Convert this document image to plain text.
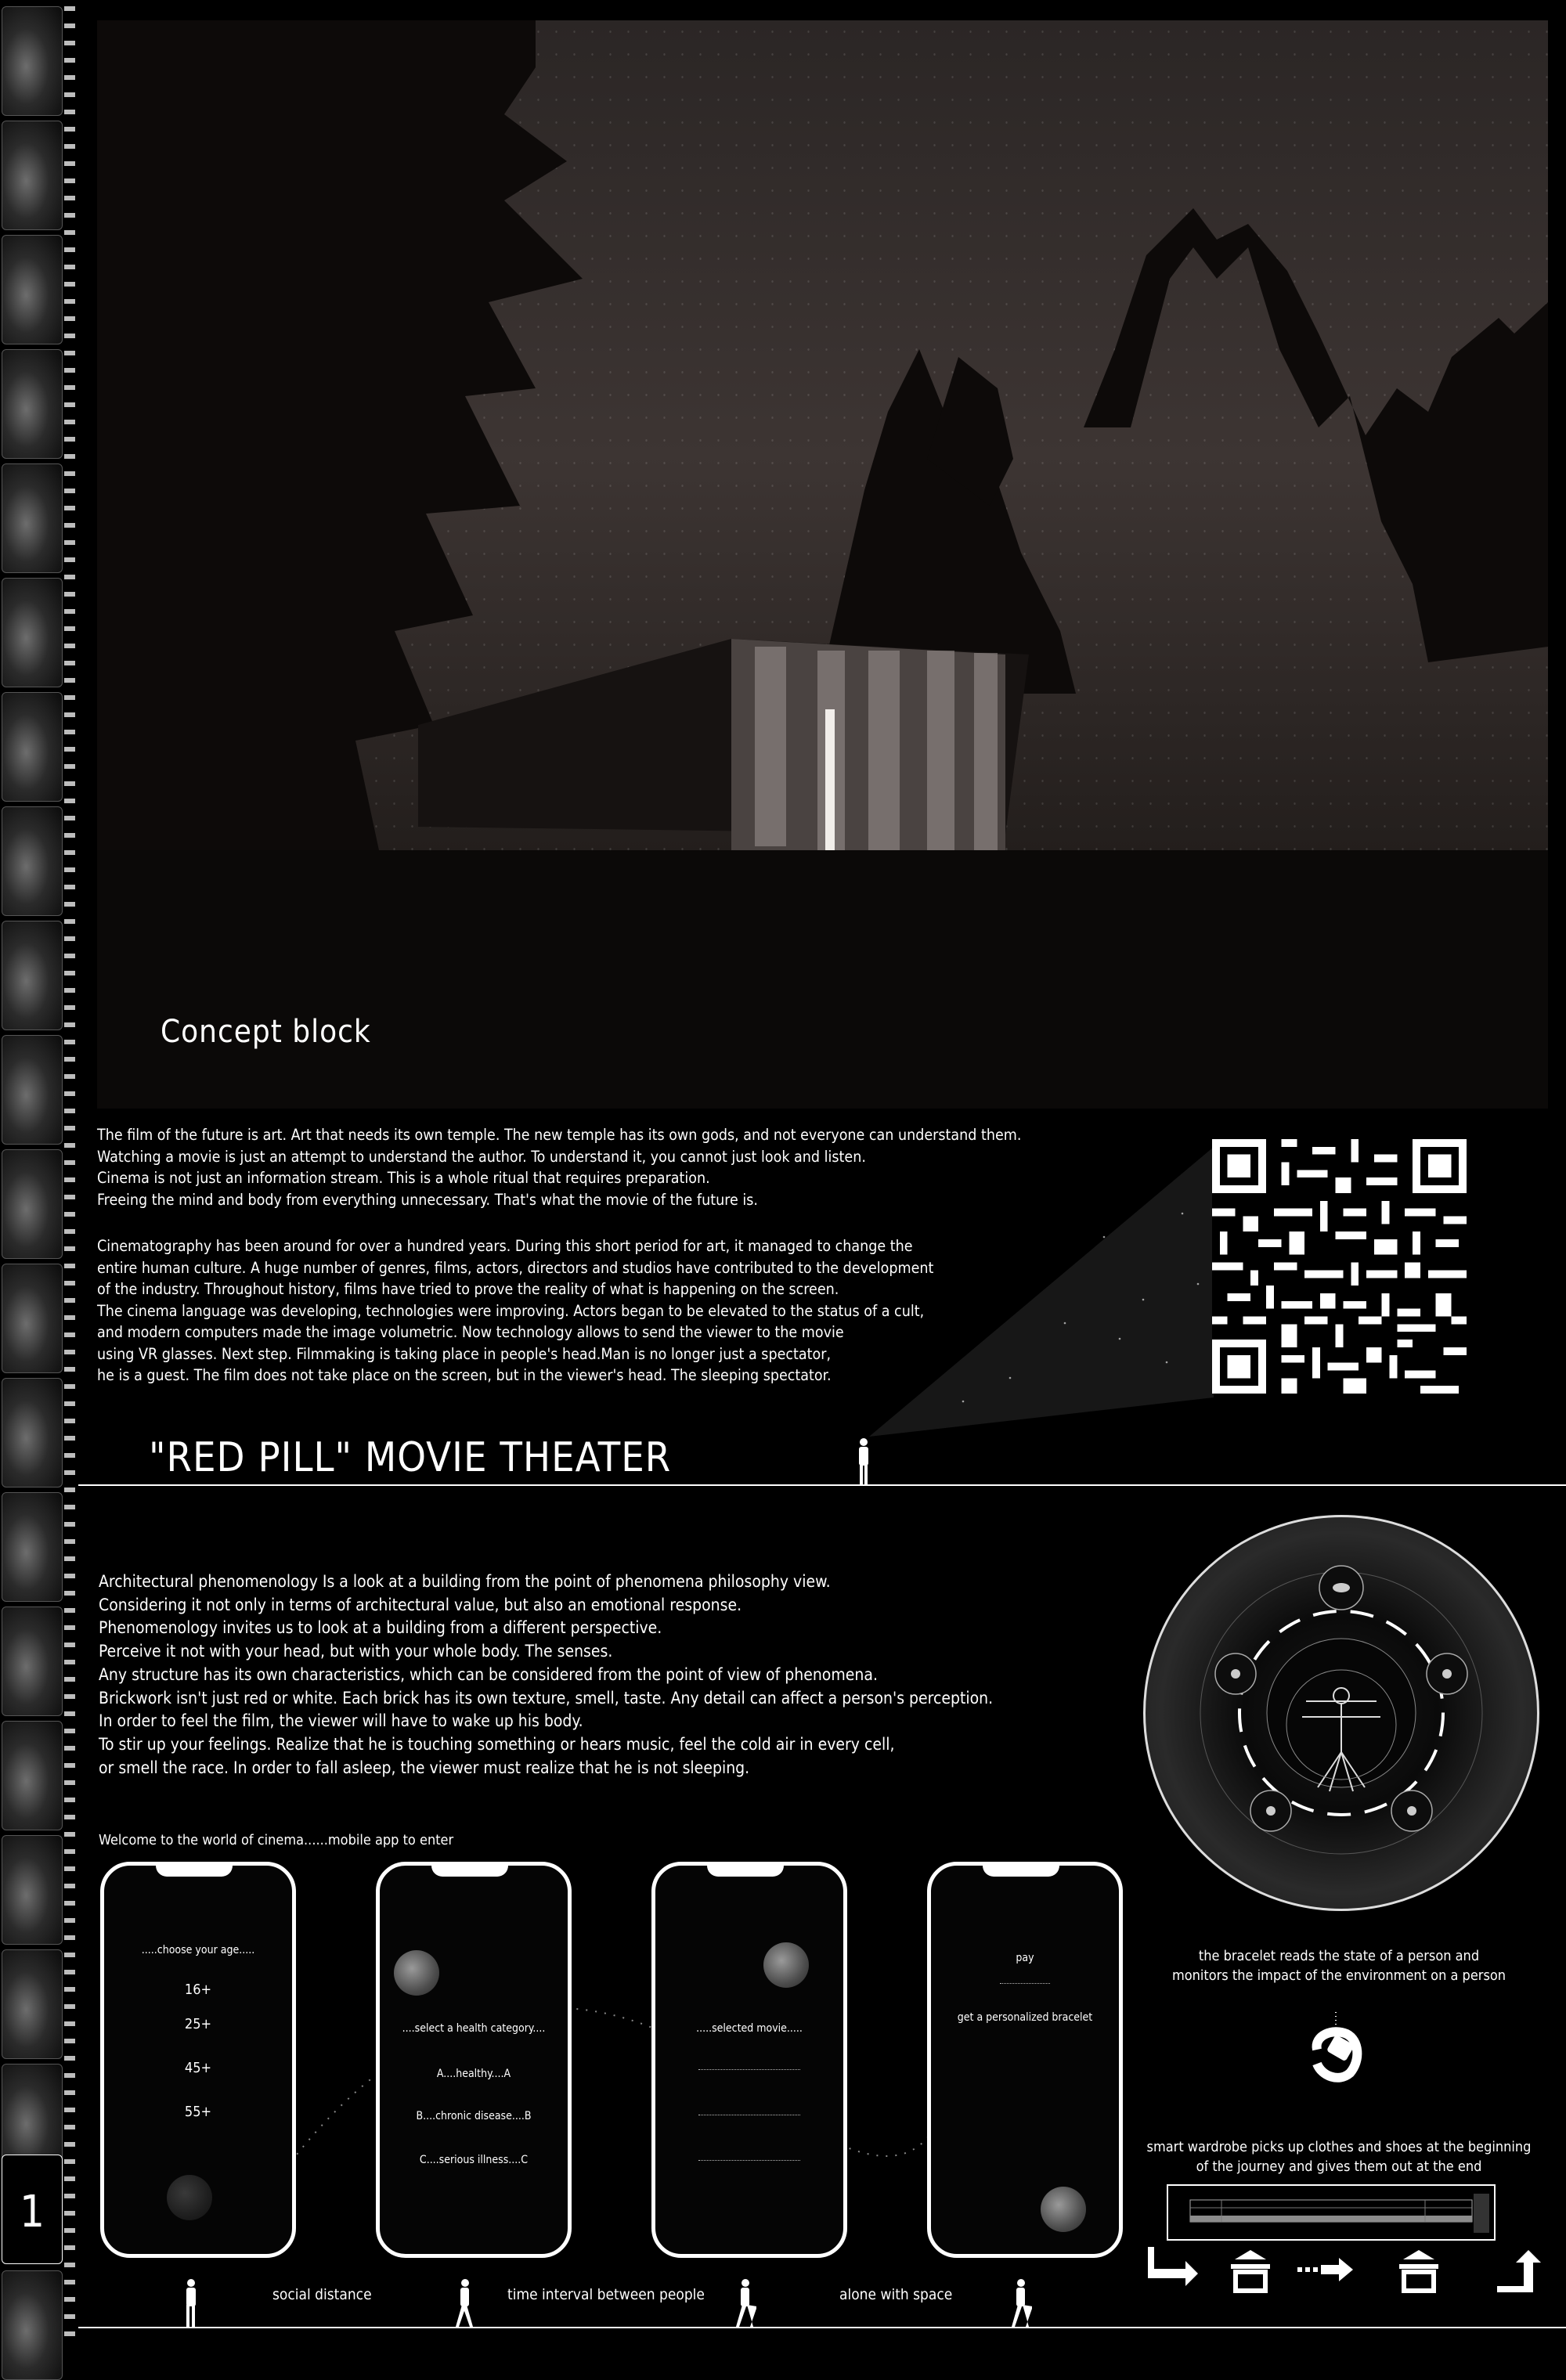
1
Concept block
The film of the future is art. Art that needs its own temple. The new temple has its own gods, and not everyone can understand them.
Watching a movie is just an attempt to understand the author. To understand it, you cannot just look and listen.
Cinema is not just an information stream. This is a whole ritual that requires preparation.
Freeing the mind and body from everything unnecessary. That's what the movie of the future is.
Cinematography has been around for over a hundred years. During this short period for art, it managed to change the
entire human culture. A huge number of genres, films, actors, directors and studios have contributed to the development
of the industry. Throughout history, films have tried to prove the reality of what is happening on the screen.
The cinema language was developing, technologies were improving. Actors began to be elevated to the status of a cult,
and modern computers made the image volumetric. Now technology allows to send the viewer to the movie
using VR glasses. Next step. Filmmaking is taking place in people's head.Man is no longer just a spectator,
he is a guest. The film does not take place on the screen, but in the viewer's head. The sleeping spectator.
"RED PILL" MOVIE THEATER
Architectural phenomenology Is a look at a building from the point of phenomena philosophy view.
Considering it not only in terms of architectural value, but also an emotional response.
Phenomenology invites us to look at a building from a different perspective.
Perceive it not with your head, but with your whole body. The senses.
Any structure has its own characteristics, which can be considered from the point of view of phenomena.
Brickwork isn't just red or white. Each brick has its own texture, smell, taste. Any detail can affect a person's perception.
In order to feel the film, the viewer will have to wake up his body.
To stir up your feelings. Realize that he is touching something or hears music, feel the cold air in every cell,
or smell the race. In order to fall asleep, the viewer must realize that he is not sleeping.
Welcome to the world of cinema......mobile app to enter
.....choose your age.....
16+
25+
45+
55+
....select a health category....
A....healthy....A
B....chronic disease....B
C....serious illness....C
.....selected movie.....
pay
get a personalized bracelet
the bracelet reads the state of a person and
monitors the impact of the environment on a person
smart wardrobe picks up clothes and shoes at the beginning
of the journey and gives them out at the end
social distance	time interval between people	alone with space
